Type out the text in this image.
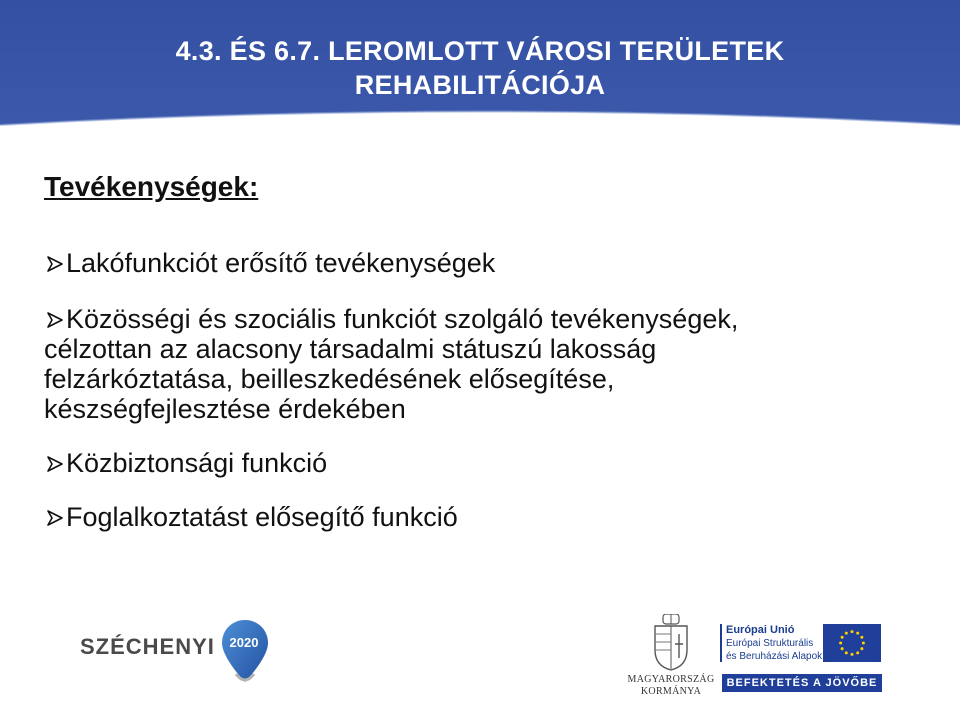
4.3. ÉS 6.7. LEROMLOTT VÁROSI TERÜLETEK
REHABILITÁCIÓJA
Tevékenységek:
Lakófunkciót erősítő tevékenységek
Közösségi és szociális funkciót szolgáló tevékenységek,
célzottan az alacsony társadalmi státuszú lakosság
felzárkóztatása, beilleszkedésének elősegítése,
készségfejlesztése érdekében
Közbiztonsági funkció
Foglalkoztatást elősegítő funkció
SZÉCHENYI	2020
MAGYARORSZÁG
KORMÁNYA
Európai Unió
Európai Strukturális
és Beruházási Alapok
BEFEKTETÉS A JÖVŐBE
